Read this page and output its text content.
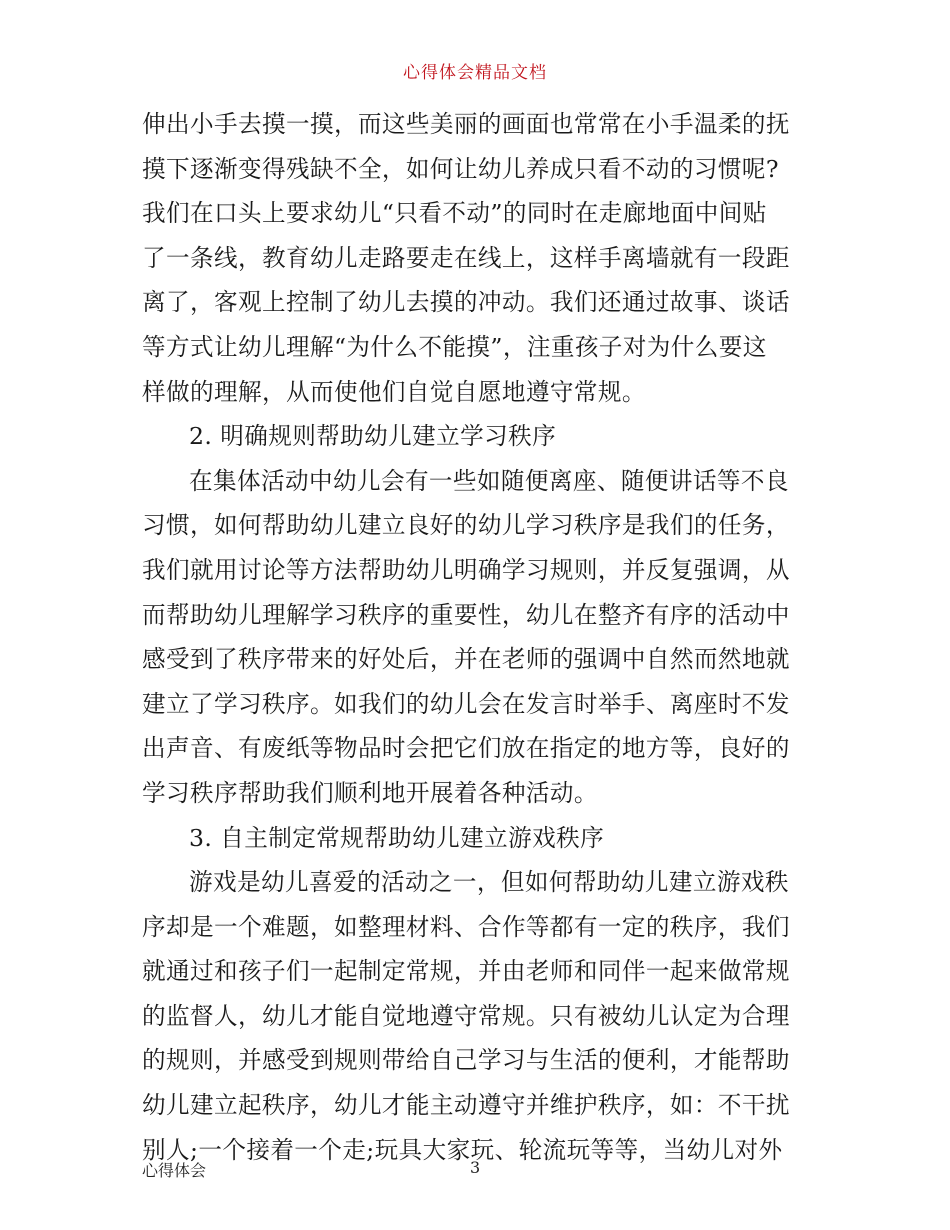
心得体会精品文档
伸出小手去摸一摸，而这些美丽的画面也常常在小手温柔的抚
摸下逐渐变得残缺不全，如何让幼儿养成只看不动的习惯呢?
我们在口头上要求幼儿“只看不动”的同时在走廊地面中间贴
了一条线，教育幼儿走路要走在线上，这样手离墙就有一段距
离了，客观上控制了幼儿去摸的冲动。我们还通过故事、谈话
等方式让幼儿理解“为什么不能摸”，注重孩子对为什么要这
样做的理解，从而使他们自觉自愿地遵守常规。
2. 明确规则帮助幼儿建立学习秩序
在集体活动中幼儿会有一些如随便离座、随便讲话等不良
习惯，如何帮助幼儿建立良好的幼儿学习秩序是我们的任务，
我们就用讨论等方法帮助幼儿明确学习规则，并反复强调，从
而帮助幼儿理解学习秩序的重要性，幼儿在整齐有序的活动中
感受到了秩序带来的好处后，并在老师的强调中自然而然地就
建立了学习秩序。如我们的幼儿会在发言时举手、离座时不发
出声音、有废纸等物品时会把它们放在指定的地方等，良好的
学习秩序帮助我们顺利地开展着各种活动。
3. 自主制定常规帮助幼儿建立游戏秩序
游戏是幼儿喜爱的活动之一，但如何帮助幼儿建立游戏秩
序却是一个难题，如整理材料、合作等都有一定的秩序，我们
就通过和孩子们一起制定常规，并由老师和同伴一起来做常规
的监督人，幼儿才能自觉地遵守常规。只有被幼儿认定为合理
的规则，并感受到规则带给自己学习与生活的便利，才能帮助
幼儿建立起秩序，幼儿才能主动遵守并维护秩序，如：不干扰
别人;一个接着一个走;玩具大家玩、轮流玩等等，当幼儿对外
心得体会	3
